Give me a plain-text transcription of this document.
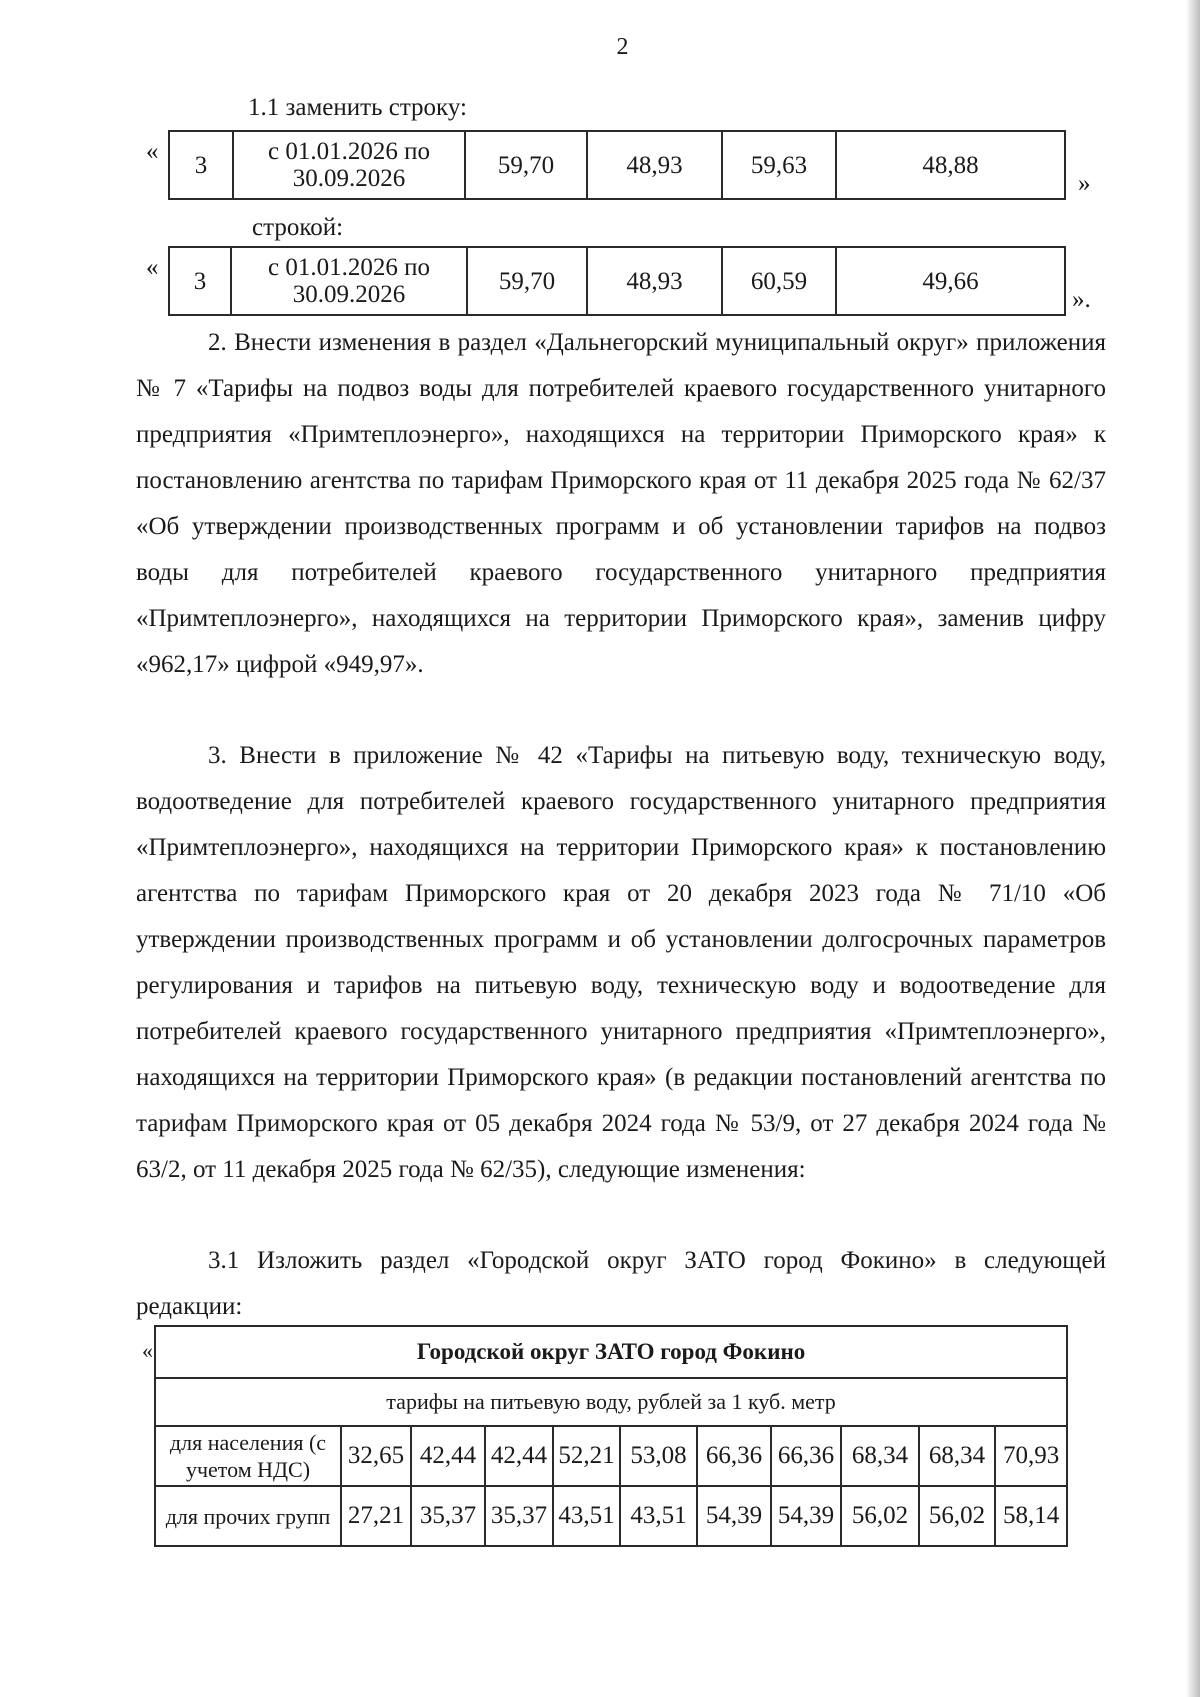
2
1.1 заменить строку:
« 3	с 01.01.2026 по 30.09.2026	59,70	48,93	59,63	48,88
»
строкой:
« 3	с 01.01.2026 по 30.09.2026	59,70	48,93	60,59	49,66
».

2. Внести изменения в раздел «Дальнегорский муниципальный округ» приложения № 7 «Тарифы на подвоз воды для потребителей краевого государственного унитарного предприятия «Примтеплоэнерго», находящихся на территории Приморского края» к постановлению агентства по тарифам Приморского края от 11 декабря 2025 года № 62/37 «Об утверждении производственных программ и об установлении тарифов на подвоз воды для потребителей краевого государственного унитарного предприятия «Примтеплоэнерго», находящихся на территории Приморского края», заменив цифру «962,17» цифрой «949,97».

3. Внести в приложение № 42 «Тарифы на питьевую воду, техническую воду, водоотведение для потребителей краевого государственного унитарного предприятия «Примтеплоэнерго», находящихся на территории Приморского края» к постановлению агентства по тарифам Приморского края от 20 декабря 2023 года № 71/10 «Об утверждении производственных программ и об установлении долгосрочных параметров регулирования и тарифов на питьевую воду, техническую воду и водоотведение для потребителей краевого государственного унитарного предприятия «Примтеплоэнерго», находящихся на территории Приморского края» (в редакции постановлений агентства по тарифам Приморского края от 05 декабря 2024 года № 53/9, от 27 декабря 2024 года № 63/2, от 11 декабря 2025 года № 62/35), следующие изменения:

3.1 Изложить раздел «Городской округ ЗАТО город Фокино» в следующей редакции:

«	Городской округ ЗАТО город Фокино										
тарифы на питьевую воду, рублей за 1 куб. метр										
для населения (с учетом НДС)	32,65	42,44	42,44	52,21	53,08	66,36	66,36	68,34	68,34	70,93
для прочих групп	27,21	35,37	35,37	43,51	43,51	54,39	54,39	56,02	56,02	58,14
